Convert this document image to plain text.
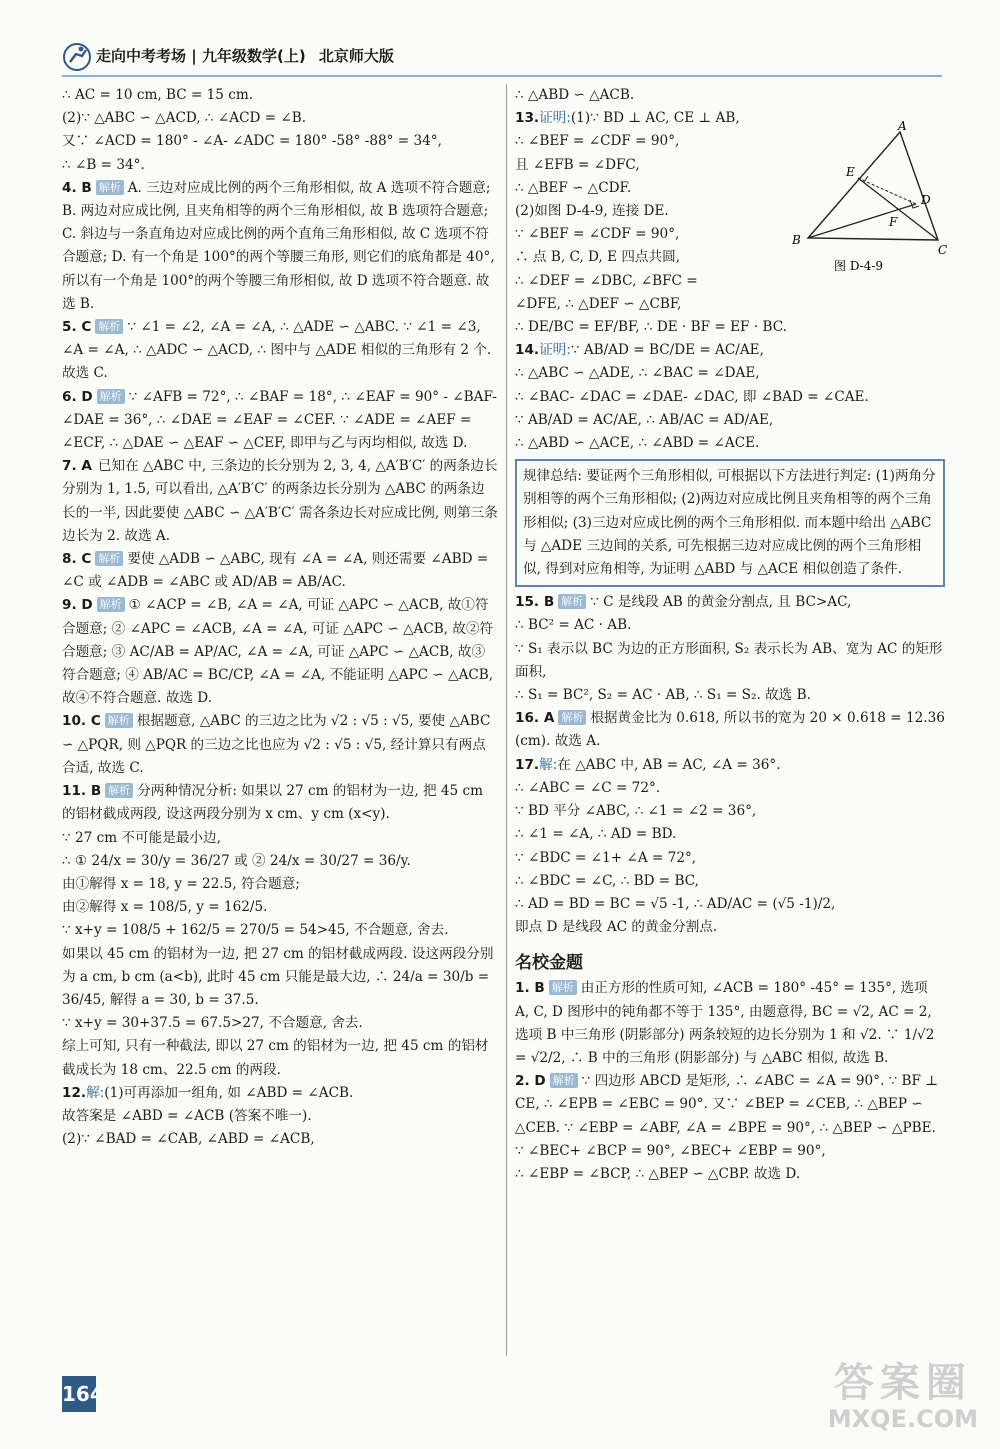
走向中考考场 | 九年级数学(上) 北京师大版
∴ AC = 10 cm, BC = 15 cm.
(2)∵ △ABC ∽ △ACD, ∴ ∠ACD = ∠B.
又∵ ∠ACD = 180° - ∠A- ∠ADC = 180° -58° -88° = 34°,
∴ ∠B = 34°.
4. B 解析 A. 三边对应成比例的两个三角形相似, 故 A 选项不符合题意; B. 两边对应成比例, 且夹角相等的两个三角形相似, 故 B 选项符合题意; C. 斜边与一条直角边对应成比例的两个直角三角形相似, 故 C 选项不符合题意; D. 有一个角是 100°的两个等腰三角形, 则它们的底角都是 40°, 所以有一个角是 100°的两个等腰三角形相似, 故 D 选项不符合题意. 故选 B.
5. C 解析 ∵ ∠1 = ∠2, ∠A = ∠A, ∴ △ADE ∽ △ABC. ∵ ∠1 = ∠3, ∠A = ∠A, ∴ △ADC ∽ △ACD, ∴ 图中与 △ADE 相似的三角形有 2 个. 故选 C.
6. D 解析 ∵ ∠AFB = 72°, ∴ ∠BAF = 18°, ∴ ∠EAF = 90° - ∠BAF- ∠DAE = 36°, ∴ ∠DAE = ∠EAF = ∠CEF. ∵ ∠ADE = ∠AEF = ∠ECF, ∴ △DAE ∽ △EAF ∽ △CEF, 即甲与乙与丙均相似, 故选 D.
7. A 已知在 △ABC 中, 三条边的长分别为 2, 3, 4, △A′B′C′ 的两条边长分别为 1, 1.5, 可以看出, △A′B′C′ 的两条边长分别为 △ABC 的两条边长的一半, 因此要使 △ABC ∽ △A′B′C′ 需各条边长对应成比例, 则第三条边长为 2. 故选 A.
8. C 解析 要使 △ADB ∽ △ABC, 现有 ∠A = ∠A, 则还需要 ∠ABD = ∠C 或 ∠ADB = ∠ABC 或 AD/AB = AB/AC.
9. D 解析 ① ∠ACP = ∠B, ∠A = ∠A, 可证 △APC ∽ △ACB, 故①符合题意; ② ∠APC = ∠ACB, ∠A = ∠A, 可证 △APC ∽ △ACB, 故②符合题意; ③ AC/AB = AP/AC, ∠A = ∠A, 可证 △APC ∽ △ACB, 故③符合题意; ④ AB/AC = BC/CP, ∠A = ∠A, 不能证明 △APC ∽ △ACB, 故④不符合题意. 故选 D.
10. C 解析 根据题意, △ABC 的三边之比为 √2 : √5 : √5, 要使 △ABC ∽ △PQR, 则 △PQR 的三边之比也应为 √2 : √5 : √5, 经计算只有两点合适, 故选 C.
11. B 解析 分两种情况分析: 如果以 27 cm 的铝材为一边, 把 45 cm 的铝材截成两段, 设这两段分别为 x cm、y cm (x<y).
∵ 27 cm 不可能是最小边,
∴ ① 24/x = 30/y = 36/27 或 ② 24/x = 30/27 = 36/y.
由①解得 x = 18, y = 22.5, 符合题意;
由②解得 x = 108/5, y = 162/5.
∵ x+y = 108/5 + 162/5 = 270/5 = 54>45, 不合题意, 舍去.
如果以 45 cm 的铝材为一边, 把 27 cm 的铝材截成两段. 设这两段分别为 a cm, b cm (a<b), 此时 45 cm 只能是最大边, ∴ 24/a = 30/b = 36/45, 解得 a = 30, b = 37.5.
∵ x+y = 30+37.5 = 67.5>27, 不合题意, 舍去.
综上可知, 只有一种截法, 即以 27 cm 的铝材为一边, 把 45 cm 的铝材截成长为 18 cm、22.5 cm 的两段.
12.解:(1)可再添加一组角, 如 ∠ABD = ∠ACB.
故答案是 ∠ABD = ∠ACB (答案不唯一).
(2)∵ ∠BAD = ∠CAB, ∠ABD = ∠ACB,
∴ △ABD ∽ △ACB.
13.证明:(1)∵ BD ⊥ AC, CE ⊥ AB,
∴ ∠BEF = ∠CDF = 90°,
且 ∠EFB = ∠DFC,
∴ △BEF ∽ △CDF.
(2)如图 D-4-9, 连接 DE.
∵ ∠BEF = ∠CDF = 90°,
∴ 点 B, C, D, E 四点共圆,
∴ ∠DEF = ∠DBC, ∠BFC =
∠DFE, ∴ △DEF ∽ △CBF,
∴ DE/BC = EF/BF, ∴ DE · BF = EF · BC.
14.证明:∵ AB/AD = BC/DE = AC/AE,
∴ △ABC ∽ △ADE, ∴ ∠BAC = ∠DAE,
∴ ∠BAC- ∠DAC = ∠DAE- ∠DAC, 即 ∠BAD = ∠CAE.
∵ AB/AD = AC/AE, ∴ AB/AC = AD/AE,
∴ △ABD ∽ △ACE, ∴ ∠ABD = ∠ACE.
规律总结: 要证两个三角形相似, 可根据以下方法进行判定: (1)两角分别相等的两个三角形相似; (2)两边对应成比例且夹角相等的两个三角形相似; (3)三边对应成比例的两个三角形相似. 而本题中给出 △ABC 与 △ADE 三边间的关系, 可先根据三边对应成比例的两个三角形相似, 得到对应角相等, 为证明 △ABD 与 △ACE 相似创造了条件.
15. B 解析 ∵ C 是线段 AB 的黄金分割点, 且 BC>AC,
∴ BC² = AC · AB.
∵ S₁ 表示以 BC 为边的正方形面积, S₂ 表示长为 AB、宽为 AC 的矩形面积,
∴ S₁ = BC², S₂ = AC · AB, ∴ S₁ = S₂. 故选 B.
16. A 解析 根据黄金比为 0.618, 所以书的宽为 20 × 0.618 = 12.36 (cm). 故选 A.
17.解:在 △ABC 中, AB = AC, ∠A = 36°.
∴ ∠ABC = ∠C = 72°.
∵ BD 平分 ∠ABC, ∴ ∠1 = ∠2 = 36°,
∴ ∠1 = ∠A, ∴ AD = BD.
∵ ∠BDC = ∠1+ ∠A = 72°,
∴ ∠BDC = ∠C, ∴ BD = BC,
∴ AD = BD = BC = √5 -1, ∴ AD/AC = (√5 -1)/2,
即点 D 是线段 AC 的黄金分割点.
名校金题
1. B 解析 由正方形的性质可知, ∠ACB = 180° -45° = 135°, 选项 A, C, D 图形中的钝角都不等于 135°, 由题意得, BC = √2, AC = 2, 选项 B 中三角形 (阴影部分) 两条较短的边长分别为 1 和 √2. ∵ 1/√2 = √2/2, ∴ B 中的三角形 (阴影部分) 与 △ABC 相似, 故选 B.
2. D 解析 ∵ 四边形 ABCD 是矩形, ∴ ∠ABC = ∠A = 90°. ∵ BF ⊥ CE, ∴ ∠EPB = ∠EBC = 90°. 又∵ ∠BEP = ∠CEB, ∴ △BEP ∽ △CEB. ∵ ∠EBP = ∠ABF, ∠A = ∠BPE = 90°, ∴ △BEP ∽ △PBE.
∵ ∠BEC+ ∠BCP = 90°, ∠BEC+ ∠EBP = 90°,
∴ ∠EBP = ∠BCP, ∴ △BEP ∽ △CBP. 故选 D.
A
E
D
F
B
C
图 D-4-9
164	答案圈
MXQE.COM
